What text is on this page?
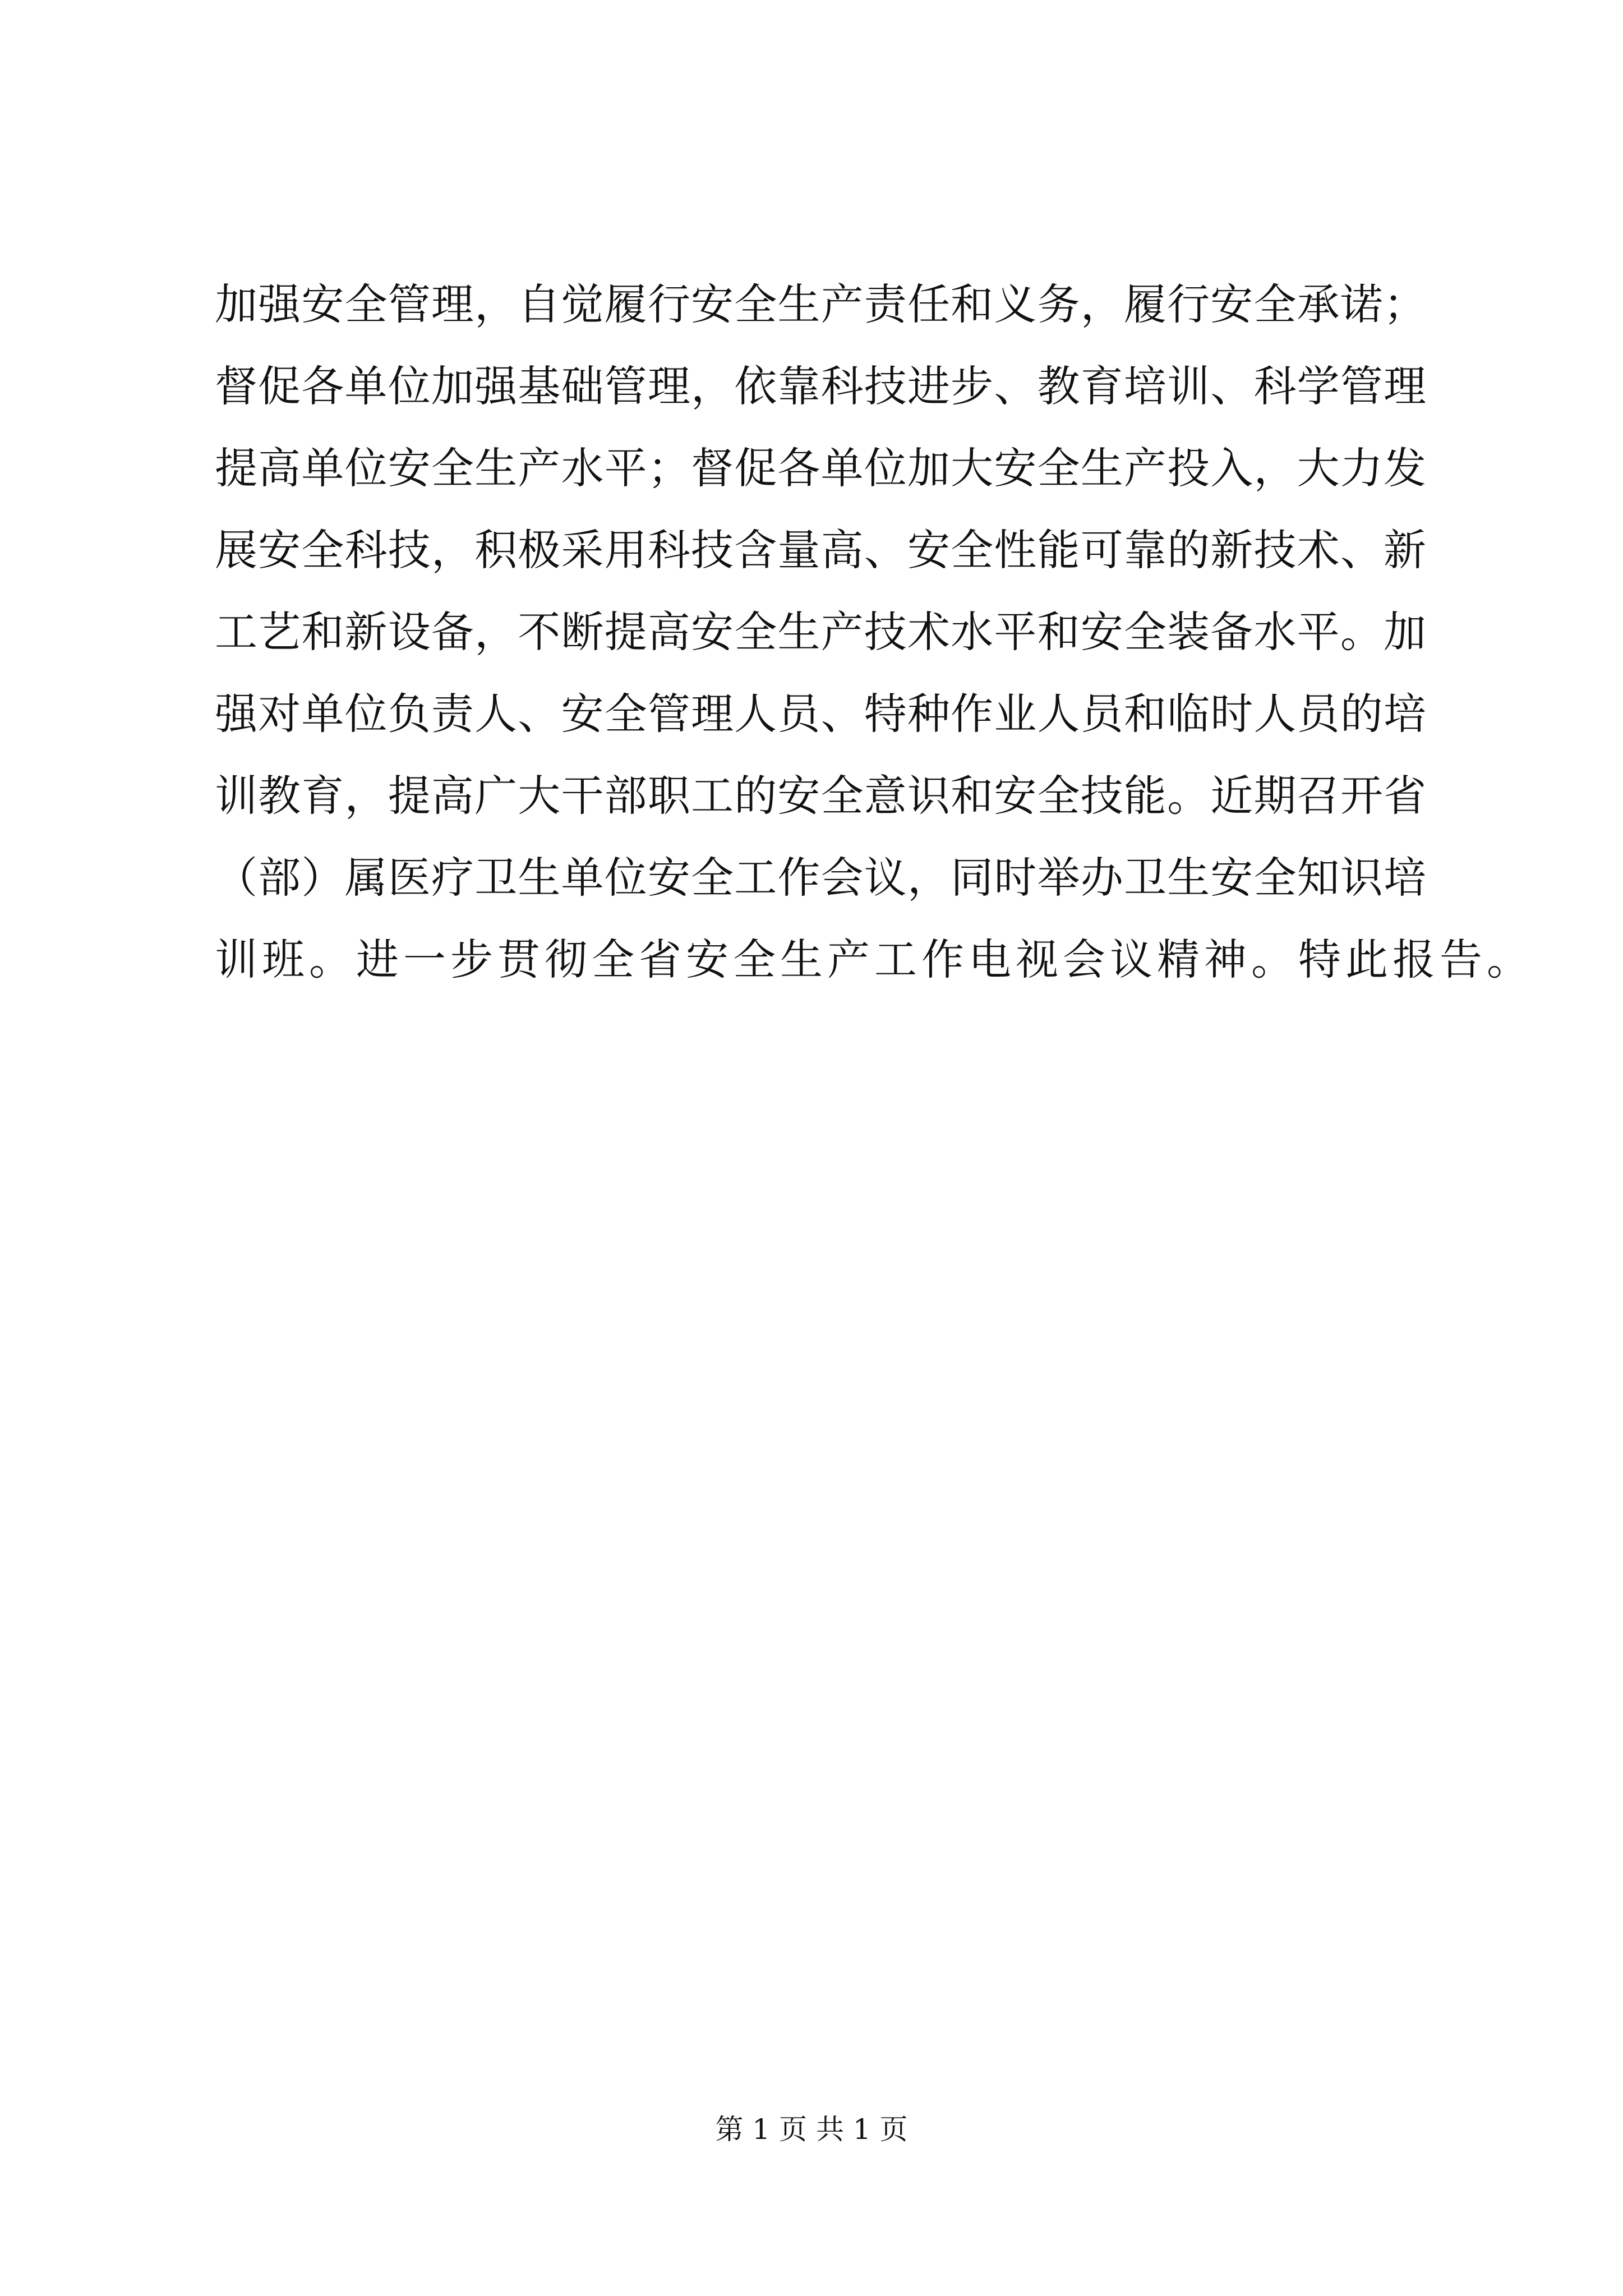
加强安全管理，自觉履行安全生产责任和义务，履行安全承诺；
督促各单位加强基础管理，依靠科技进步、教育培训、科学管理
提高单位安全生产水平；督促各单位加大安全生产投入，大力发
展安全科技，积极采用科技含量高、安全性能可靠的新技术、新
工艺和新设备，不断提高安全生产技术水平和安全装备水平。加
强对单位负责人、安全管理人员、特种作业人员和临时人员的培
训教育，提高广大干部职工的安全意识和安全技能。近期召开省
（部）属医疗卫生单位安全工作会议，同时举办卫生安全知识培
训班。进一步贯彻全省安全生产工作电视会议精神。特此报告。
第 1 页 共 1 页
